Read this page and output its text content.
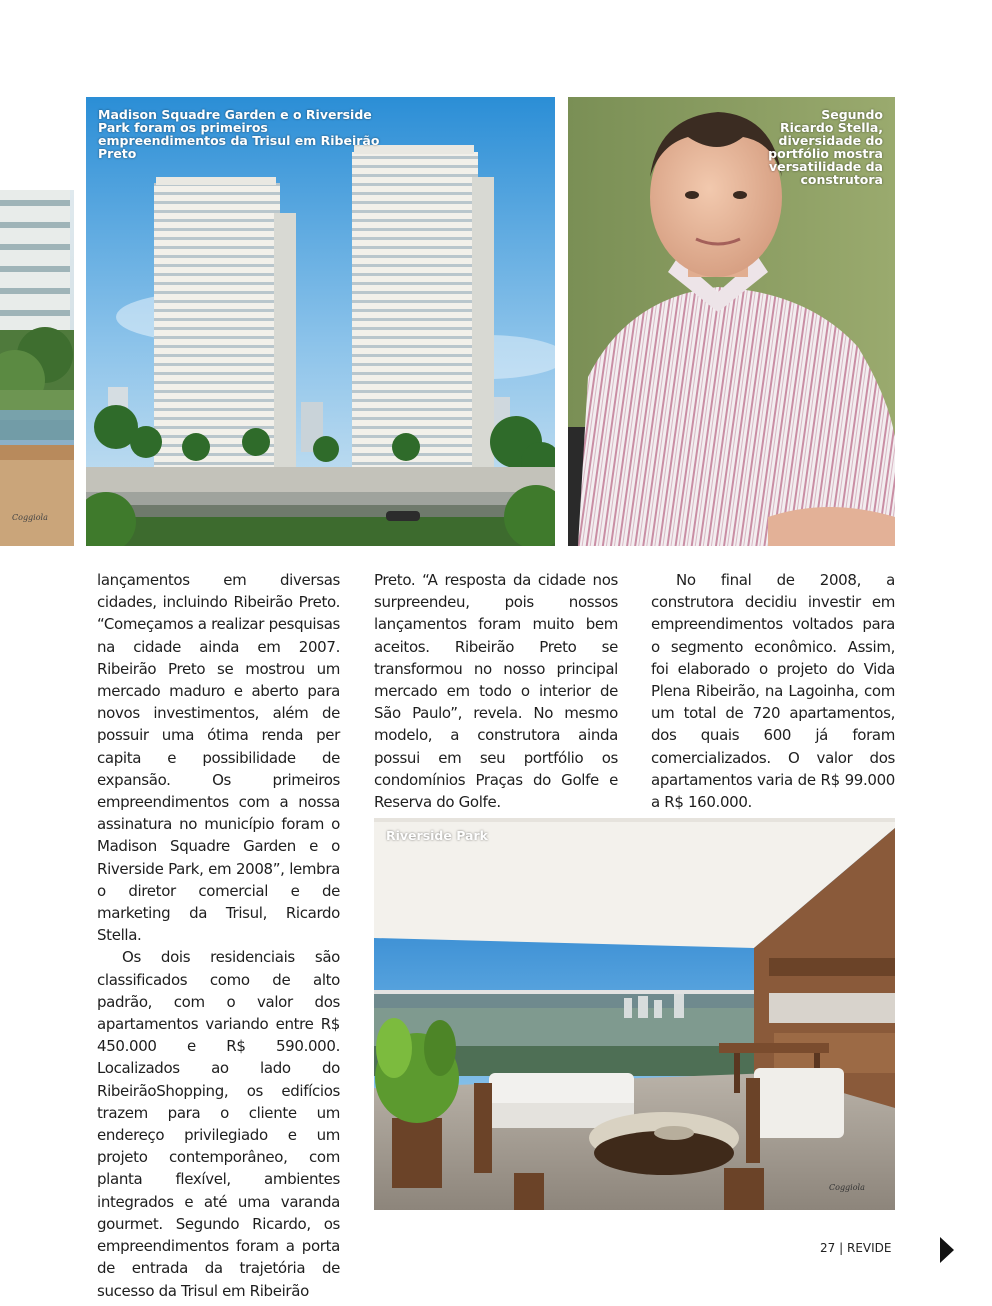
Coggiola
Madison Squadre Garden e o Riverside Park foram os primeiros empreendimentos da Trisul em Ribeirão Preto
Segundo Ricardo Stella, diversidade do portfólio mostra versatilidade da construtora

lançamentos em diversas cidades, incluindo Ribeirão Preto. “Começamos a realizar pesquisas na cidade ainda em 2007. Ribeirão Preto se mostrou um mercado maduro e aberto para novos investimentos, além de possuir uma ótima renda per capita e possibilidade de expansão. Os primeiros empreendimentos com a nossa assinatura no município foram o Madison Squadre Garden e o Riverside Park, em 2008”, lembra o diretor comercial e de marketing da Trisul, Ricardo Stella.

Os dois residenciais são classificados como de alto padrão, com o valor dos apartamentos variando entre R$ 450.000 e R$ 590.000. Localizados ao lado do RibeirãoShopping, os edifícios trazem para o cliente um endereço privilegiado e um projeto contemporâneo, com planta flexível, ambientes integrados e até uma varanda gourmet. Segundo Ricardo, os empreendimentos foram a porta de entrada da trajetória de sucesso da Trisul em Ribeirão

Preto. “A resposta da cidade nos surpreendeu, pois nossos lançamentos foram muito bem aceitos. Ribeirão Preto se transformou no nosso principal mercado em todo o interior de São Paulo”, revela. No mesmo modelo, a construtora ainda possui em seu portfólio os condomínios Praças do Golfe e Reserva do Golfe.

No final de 2008, a construtora decidiu investir em empreendimentos voltados para o segmento econômico. Assim, foi elaborado o projeto do Vida Plena Ribeirão, na Lagoinha, com um total de 720 apartamentos, dos quais 600 já foram comercializados. O valor dos apartamentos varia de R$ 99.000 a R$ 160.000.

Coggiola
Riverside Park
27 | REVIDE
